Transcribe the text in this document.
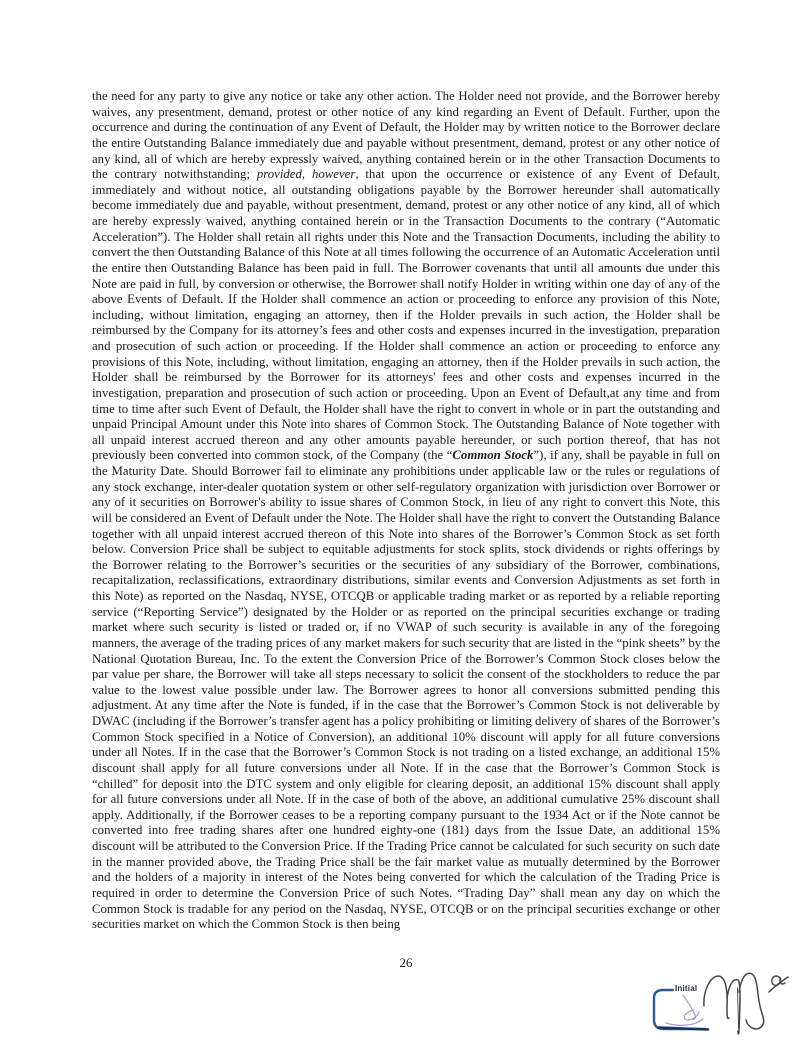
the need for any party to give any notice or take any other action. The Holder need not provide, and the Borrower hereby waives, any presentment, demand, protest or other notice of any kind regarding an Event of Default. Further, upon the occurrence and during the continuation of any Event of Default, the Holder may by written notice to the Borrower declare the entire Outstanding Balance immediately due and payable without presentment, demand, protest or any other notice of any kind, all of which are hereby expressly waived, anything contained herein or in the other Transaction Documents to the contrary notwithstanding; provided, however, that upon the occurrence or existence of any Event of Default, immediately and without notice, all outstanding obligations payable by the Borrower hereunder shall automatically become immediately due and payable, without presentment, demand, protest or any other notice of any kind, all of which are hereby expressly waived, anything contained herein or in the Transaction Documents to the contrary (“Automatic Acceleration”). The Holder shall retain all rights under this Note and the Transaction Documents, including the ability to convert the then Outstanding Balance of this Note at all times following the occurrence of an Automatic Acceleration until the entire then Outstanding Balance has been paid in full. The Borrower covenants that until all amounts due under this Note are paid in full, by conversion or otherwise, the Borrower shall notify Holder in writing within one day of any of the above Events of Default. If the Holder shall commence an action or proceeding to enforce any provision of this Note, including, without limitation, engaging an attorney, then if the Holder prevails in such action, the Holder shall be reimbursed by the Company for its attorney’s fees and other costs and expenses incurred in the investigation, preparation and prosecution of such action or proceeding. If the Holder shall commence an action or proceeding to enforce any provisions of this Note, including, without limitation, engaging an attorney, then if the Holder prevails in such action, the Holder shall be reimbursed by the Borrower for its attorneys' fees and other costs and expenses incurred in the investigation, preparation and prosecution of such action or proceeding. Upon an Event of Default,at any time and from time to time after such Event of Default, the Holder shall have the right to convert in whole or in part the outstanding and unpaid Principal Amount under this Note into shares of Common Stock. The Outstanding Balance of Note together with all unpaid interest accrued thereon and any other amounts payable hereunder, or such portion thereof, that has not previously been converted into common stock, of the Company (the “Common Stock”), if any, shall be payable in full on the Maturity Date. Should Borrower fail to eliminate any prohibitions under applicable law or the rules or regulations of any stock exchange, inter-dealer quotation system or other self-regulatory organization with jurisdiction over Borrower or any of it securities on Borrower's ability to issue shares of Common Stock, in lieu of any right to convert this Note, this will be considered an Event of Default under the Note. The Holder shall have the right to convert the Outstanding Balance together with all unpaid interest accrued thereon of this Note into shares of the Borrower’s Common Stock as set forth below. Conversion Price shall be subject to equitable adjustments for stock splits, stock dividends or rights offerings by the Borrower relating to the Borrower’s securities or the securities of any subsidiary of the Borrower, combinations, recapitalization, reclassifications, extraordinary distributions, similar events and Conversion Adjustments as set forth in this Note) as reported on the Nasdaq, NYSE, OTCQB or applicable trading market or as reported by a reliable reporting service (“Reporting Service”) designated by the Holder or as reported on the principal securities exchange or trading market where such security is listed or traded or, if no VWAP of such security is available in any of the foregoing manners, the average of the trading prices of any market makers for such security that are listed in the “pink sheets” by the National Quotation Bureau, Inc. To the extent the Conversion Price of the Borrower’s Common Stock closes below the par value per share, the Borrower will take all steps necessary to solicit the consent of the stockholders to reduce the par value to the lowest value possible under law. The Borrower agrees to honor all conversions submitted pending this adjustment. At any time after the Note is funded, if in the case that the Borrower’s Common Stock is not deliverable by DWAC (including if the Borrower’s transfer agent has a policy prohibiting or limiting delivery of shares of the Borrower’s Common Stock specified in a Notice of Conversion), an additional 10% discount will apply for all future conversions under all Notes. If in the case that the Borrower’s Common Stock is not trading on a listed exchange, an additional 15% discount shall apply for all future conversions under all Note. If in the case that the Borrower’s Common Stock is “chilled” for deposit into the DTC system and only eligible for clearing deposit, an additional 15% discount shall apply for all future conversions under all Note. If in the case of both of the above, an additional cumulative 25% discount shall apply. Additionally, if the Borrower ceases to be a reporting company pursuant to the 1934 Act or if the Note cannot be converted into free trading shares after one hundred eighty-one (181) days from the Issue Date, an additional 15% discount will be attributed to the Conversion Price. If the Trading Price cannot be calculated for such security on such date in the manner provided above, the Trading Price shall be the fair market value as mutually determined by the Borrower and the holders of a majority in interest of the Notes being converted for which the calculation of the Trading Price is required in order to determine the Conversion Price of such Notes. “Trading Day” shall mean any day on which the Common Stock is tradable for any period on the Nasdaq, NYSE, OTCQB or on the principal securities exchange or other securities market on which the Common Stock is then being

26
Initial
